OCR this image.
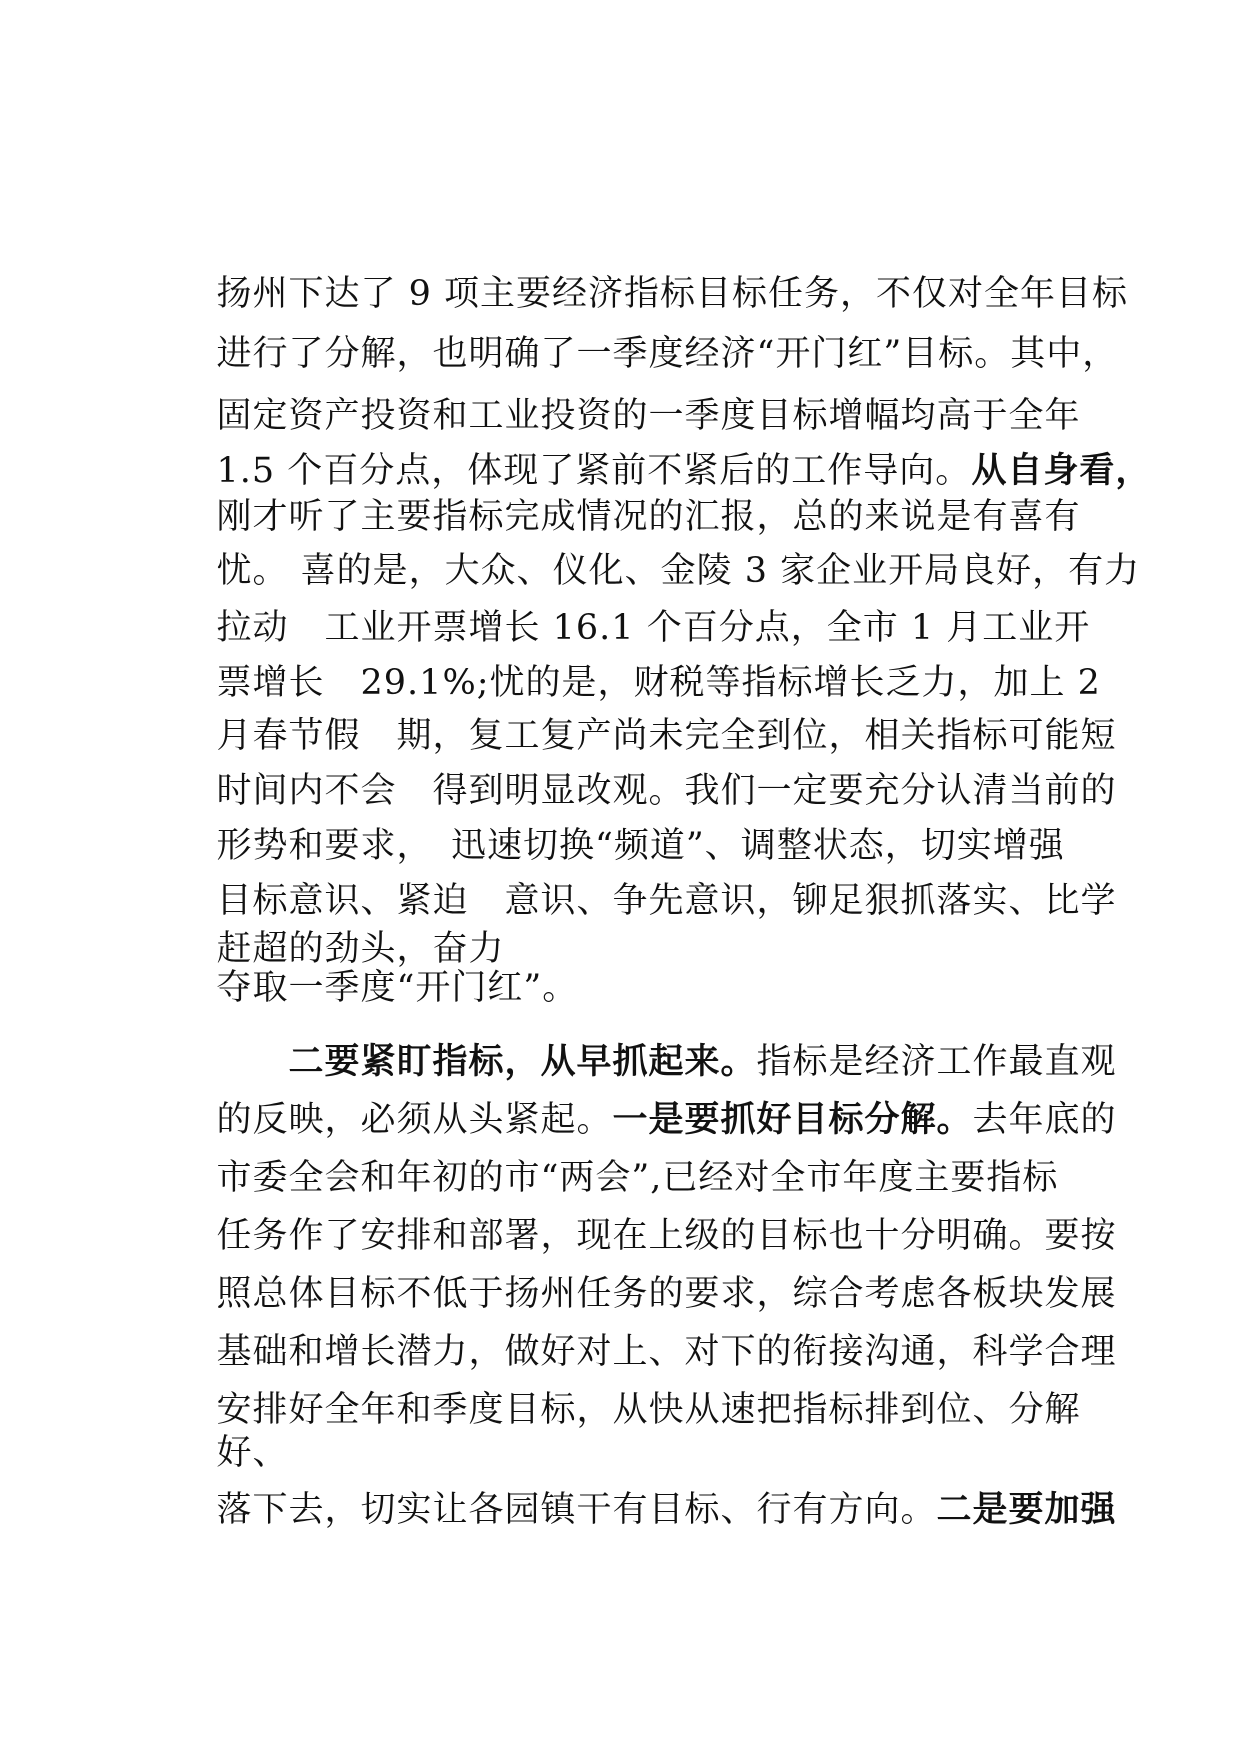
扬州下达了 9 项主要经济指标目标任务，不仅对全年目标

进行了分解，也明确了一季度经济“开门红”目标。其中，

固定资产投资和工业投资的一季度目标增幅均高于全年

1.5 个百分点，体现了紧前不紧后的工作导向。从自身看，

刚才听了主要指标完成情况的汇报，总的来说是有喜有

忧。 喜的是，大众、仪化、金陵 3 家企业开局良好，有力

拉动　工业开票增长 16.1 个百分点，全市 1 月工业开

票增长　29.1%;忧的是，财税等指标增长乏力，加上 2

月春节假　期，复工复产尚未完全到位，相关指标可能短

时间内不会　得到明显改观。我们一定要充分认清当前的

形势和要求，　迅速切换“频道”、调整状态，切实增强

目标意识、紧迫　意识、争先意识，铆足狠抓落实、比学

赶超的劲头，奋力

夺取一季度“开门红”。

二要紧盯指标，从早抓起来。指标是经济工作最直观

的反映，必须从头紧起。一是要抓好目标分解。去年底的

市委全会和年初的市“两会”,已经对全市年度主要指标

任务作了安排和部署，现在上级的目标也十分明确。要按

照总体目标不低于扬州任务的要求，综合考虑各板块发展

基础和增长潜力，做好对上、对下的衔接沟通，科学合理

安排好全年和季度目标，从快从速把指标排到位、分解

好、

落下去，切实让各园镇干有目标、行有方向。二是要加强
